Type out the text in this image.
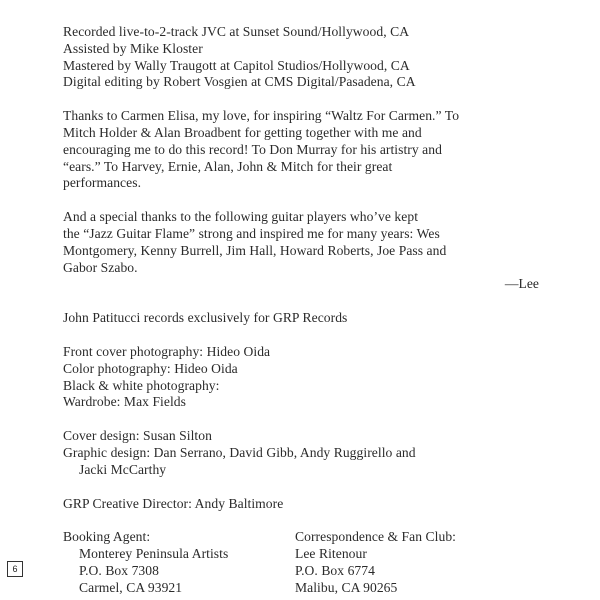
Recorded live-to-2-track JVC at Sunset Sound/Hollywood, CA
Assisted by Mike Kloster
Mastered by Wally Traugott at Capitol Studios/Hollywood, CA
Digital editing by Robert Vosgien at CMS Digital/Pasadena, CA
Thanks to Carmen Elisa, my love, for inspiring “Waltz For Carmen.” To
Mitch Holder & Alan Broadbent for getting together with me and
encouraging me to do this record! To Don Murray for his artistry and
“ears.” To Harvey, Ernie, Alan, John & Mitch for their great
performances.
And a special thanks to the following guitar players who’ve kept
the “Jazz Guitar Flame” strong and inspired me for many years: Wes
Montgomery, Kenny Burrell, Jim Hall, Howard Roberts, Joe Pass and
Gabor Szabo.
—Lee
John Patitucci records exclusively for GRP Records
Front cover photography: Hideo Oida
Color photography: Hideo Oida
Black & white photography:
Wardrobe: Max Fields
Cover design: Susan Silton
Graphic design: Dan Serrano, David Gibb, Andy Ruggirello and
Jacki McCarthy
GRP Creative Director: Andy Baltimore
Booking Agent:
Monterey Peninsula Artists
P.O. Box 7308
Carmel, CA 93921
Correspondence & Fan Club:
Lee Ritenour
P.O. Box 6774
Malibu, CA 90265
6
